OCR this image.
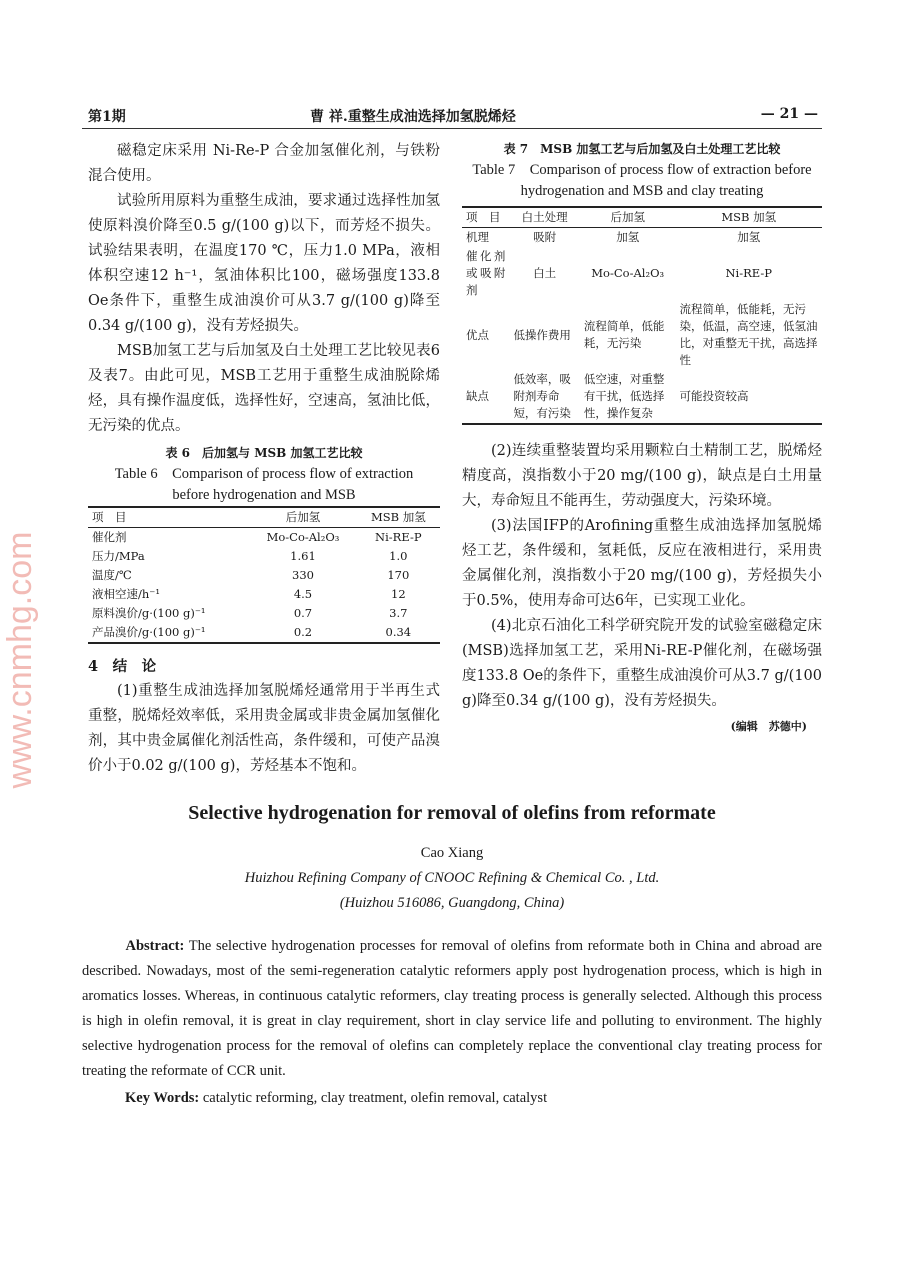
第1期	曹 祥.重整生成油选择加氢脱烯烃	— 21 —

磁稳定床采用 Ni-Re-P 合金加氢催化剂，与铁粉混合使用。

试验所用原料为重整生成油，要求通过选择性加氢使原料溴价降至0.5 g/(100 g)以下，而芳烃不损失。试验结果表明，在温度170 ℃，压力1.0 MPa，液相体积空速12 h⁻¹，氢油体积比100，磁场强度133.8 Oe条件下，重整生成油溴价可从3.7 g/(100 g)降至0.34 g/(100 g)，没有芳烃损失。

MSB加氢工艺与后加氢及白土处理工艺比较见表6及表7。由此可见，MSB工艺用于重整生成油脱除烯烃，具有操作温度低，选择性好，空速高，氢油比低，无污染的优点。

表 6　后加氢与 MSB 加氢工艺比较
Table 6　Comparison of process flow of extraction before hydrogenation and MSB
项　目	后加氢	MSB 加氢
催化剂	Mo-Co-Al₂O₃	Ni-RE-P
压力/MPa	1.61	1.0
温度/℃	330	170
液相空速/h⁻¹	4.5	12
原料溴价/g·(100 g)⁻¹	0.7	3.7
产品溴价/g·(100 g)⁻¹	0.2	0.34
4　结　论

(1)重整生成油选择加氢脱烯烃通常用于半再生式重整，脱烯烃效率低，采用贵金属或非贵金属加氢催化剂，其中贵金属催化剂活性高，条件缓和，可使产品溴价小于0.02 g/(100 g)，芳烃基本不饱和。

表 7　MSB 加氢工艺与后加氢及白土处理工艺比较
Table 7　Comparison of process flow of extraction before hydrogenation and MSB and clay treating
项　目	白土处理	后加氢	MSB 加氢
机理	吸附	加氢	加氢
催化剂或吸附剂	白土	Mo-Co-Al₂O₃	Ni-RE-P
优点	低操作费用	流程简单，低能耗，无污染	流程简单，低能耗，无污染，低温，高空速，低氢油比，对重整无干扰，高选择性
缺点	低效率，吸附剂寿命短，有污染	低空速，对重整有干扰，低选择性，操作复杂	可能投资较高

(2)连续重整装置均采用颗粒白土精制工艺，脱烯烃精度高，溴指数小于20 mg/(100 g)，缺点是白土用量大，寿命短且不能再生，劳动强度大，污染环境。

(3)法国IFP的Arofining重整生成油选择加氢脱烯烃工艺，条件缓和，氢耗低，反应在液相进行，采用贵金属催化剂，溴指数小于20 mg/(100 g)，芳烃损失小于0.5%，使用寿命可达6年，已实现工业化。

(4)北京石油化工科学研究院开发的试验室磁稳定床(MSB)选择加氢工艺，采用Ni-RE-P催化剂，在磁场强度133.8 Oe的条件下，重整生成油溴价可从3.7 g/(100 g)降至0.34 g/(100 g)，没有芳烃损失。

(编辑　苏德中)
Selective hydrogenation for removal of olefins from reformate
Cao Xiang
Huizhou Refining Company of CNOOC Refining & Chemical Co. , Ltd.
(Huizhou 516086, Guangdong, China)
Abstract: The selective hydrogenation processes for removal of olefins from reformate both in China and abroad are described. Nowadays, most of the semi-regeneration catalytic reformers apply post hydrogenation process, which is high in aromatics losses. Whereas, in continuous catalytic reformers, clay treating process is generally selected. Although this process is high in olefin removal, it is great in clay requirement, short in clay service life and polluting to environment. The highly selective hydrogenation process for the removal of olefins can completely replace the conventional clay treating process for treating the reformate of CCR unit.
Key Words: catalytic reforming, clay treatment, olefin removal, catalyst
www.cnmhg.com
